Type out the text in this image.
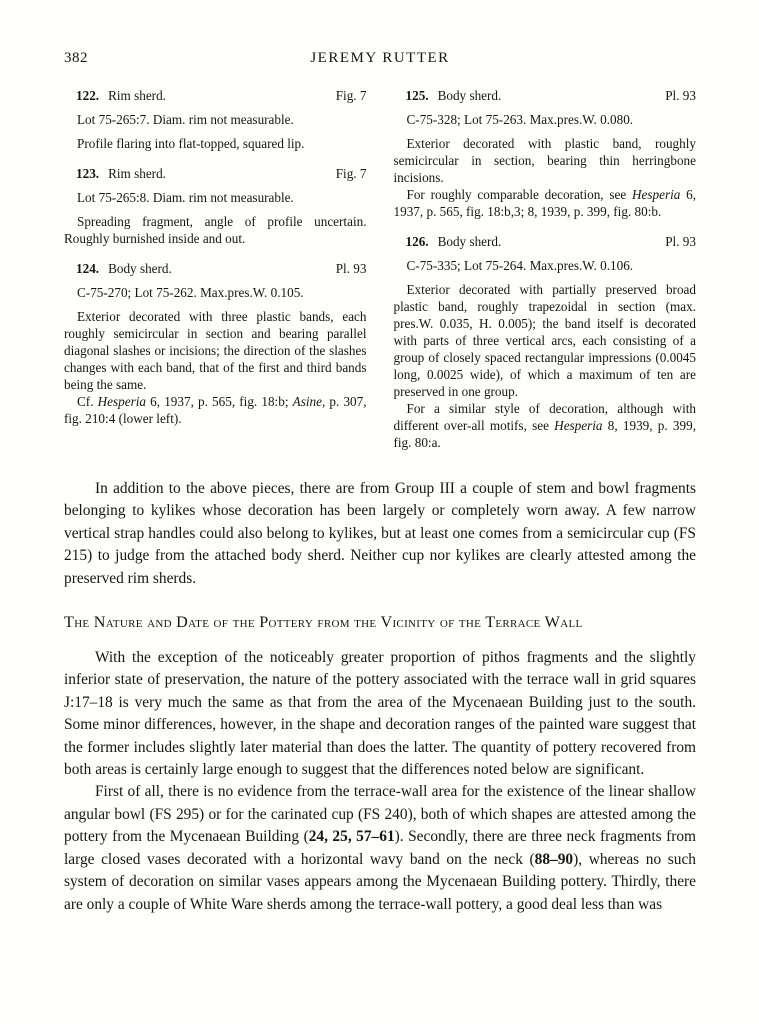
382	JEREMY RUTTER
122. Rim sherd.	Fig. 7

Lot 75-265:7. Diam. rim not measurable.

Profile flaring into flat-topped, squared lip.

123. Rim sherd.	Fig. 7

Lot 75-265:8. Diam. rim not measurable.

Spreading fragment, angle of profile uncertain. Roughly burnished inside and out.

124. Body sherd.	Pl. 93

C-75-270; Lot 75-262. Max.pres.W. 0.105.

Exterior decorated with three plastic bands, each roughly semicircular in section and bearing parallel diagonal slashes or incisions; the direction of the slashes changes with each band, that of the first and third bands being the same.

Cf. Hesperia 6, 1937, p. 565, fig. 18:b; Asine, p. 307, fig. 210:4 (lower left).

125. Body sherd.	Pl. 93

C-75-328; Lot 75-263. Max.pres.W. 0.080.

Exterior decorated with plastic band, roughly semicircular in section, bearing thin herringbone incisions.

For roughly comparable decoration, see Hesperia 6, 1937, p. 565, fig. 18:b,3; 8, 1939, p. 399, fig. 80:b.

126. Body sherd.	Pl. 93

C-75-335; Lot 75-264. Max.pres.W. 0.106.

Exterior decorated with partially preserved broad plastic band, roughly trapezoidal in section (max. pres.W. 0.035, H. 0.005); the band itself is decorated with parts of three vertical arcs, each consisting of a group of closely spaced rectangular impressions (0.0045 long, 0.0025 wide), of which a maximum of ten are preserved in one group.

For a similar style of decoration, although with different over-all motifs, see Hesperia 8, 1939, p. 399, fig. 80:a.

In addition to the above pieces, there are from Group III a couple of stem and bowl fragments belonging to kylikes whose decoration has been largely or completely worn away. A few narrow vertical strap handles could also belong to kylikes, but at least one comes from a semicircular cup (FS 215) to judge from the attached body sherd. Neither cup nor kylikes are clearly attested among the preserved rim sherds.

The Nature and Date of the Pottery from the Vicinity of the Terrace Wall

With the exception of the noticeably greater proportion of pithos fragments and the slightly inferior state of preservation, the nature of the pottery associated with the terrace wall in grid squares J:17–18 is very much the same as that from the area of the Mycenaean Building just to the south. Some minor differences, however, in the shape and decoration ranges of the painted ware suggest that the former includes slightly later material than does the latter. The quantity of pottery recovered from both areas is certainly large enough to suggest that the differences noted below are significant.

First of all, there is no evidence from the terrace-wall area for the existence of the linear shallow angular bowl (FS 295) or for the carinated cup (FS 240), both of which shapes are attested among the pottery from the Mycenaean Building (24, 25, 57–61). Secondly, there are three neck fragments from large closed vases decorated with a horizontal wavy band on the neck (88–90), whereas no such system of decoration on similar vases appears among the Mycenaean Building pottery. Thirdly, there are only a couple of White Ware sherds among the terrace-wall pottery, a good deal less than was
